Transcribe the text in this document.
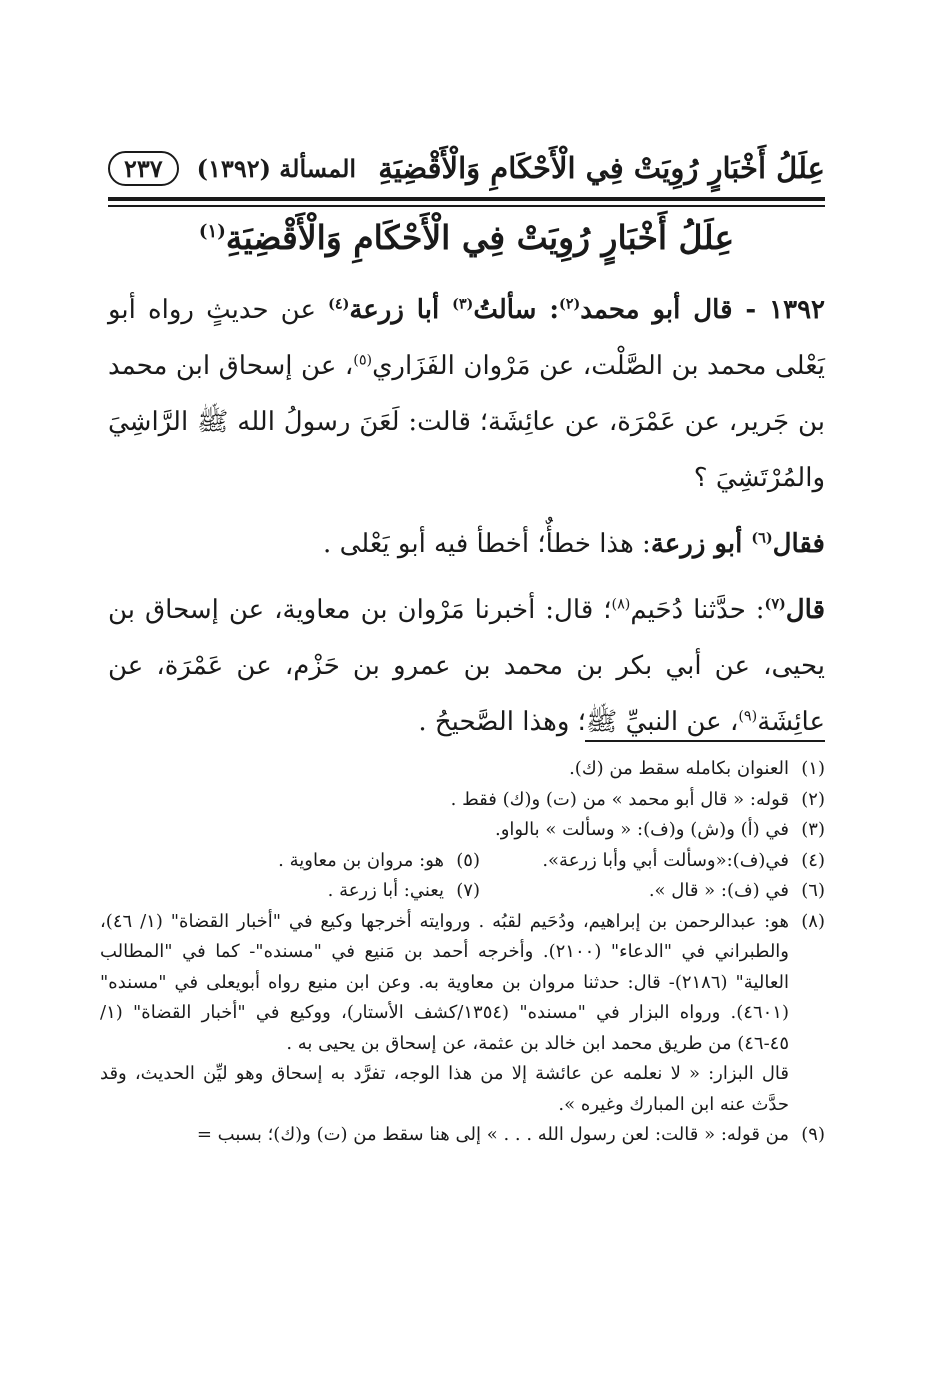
عِلَلُ أَخْبَارٍ رُوِيَتْ فِي الْأَحْكَامِ وَالْأَقْضِيَةِ
المسألة (١٣٩٢)
٢٣٧
عِلَلُ أَخْبَارٍ رُوِيَتْ فِي الْأَحْكَامِ وَالْأَقْضِيَةِ$^{(١)}$

١٣٩٢ - قال أبو محمد$^{(٢)}$: سألتُ$^{(٣)}$ أبا زرعة$^{(٤)}$ عن حديثٍ رواه أبو يَعْلى محمد بن الصَّلْت، عن مَرْوان الفَزَاري$^{(٥)}$، عن إسحاق ابن محمد بن جَرير، عن عَمْرَة، عن عائِشَة؛ قالت: لَعَنَ رسولُ الله ﷺ الرَّاشِيَ والمُرْتَشِيَ ؟

فقال$^{(٦)}$ أبو زرعة: هذا خطأٌ؛ أخطأ فيه أبو يَعْلى .

قال$^{(٧)}$: حدَّثنا دُحَيم$^{(٨)}$؛ قال: أخبرنا مَرْوان بن معاوية، عن إسحاق بن يحيى، عن أبي بكر بن محمد بن عمرو بن حَزْم، عن عَمْرَة، عن عائِشَة$^{(٩)}$، عن النبيِّ ﷺ؛ وهذا الصَّحيحُ .

(١)
العنوان بكامله سقط من (ك).
(٢)
قوله: « قال أبو محمد » من (ت) و(ك) فقط .
(٣)
في (أ) و(ش) و(ف): « وسألت » بالواو.
(٤)
في(ف):«وسألت أبي وأبا زرعة».
(٥)
هو: مروان بن معاوية .
(٦)
في (ف): « قال ».
(٧)
يعني: أبا زرعة .
(٨)
هو: عبدالرحمن بن إبراهيم، ودُحَيم لقبُه . وروايته أخرجها وكيع في "أخبار القضاة" (١/ ٤٦)، والطبراني في "الدعاء" (٢١٠٠). وأخرجه أحمد بن مَنيع في "مسنده"- كما في "المطالب العالية" (٢١٨٦)- قال: حدثنا مروان بن معاوية به. وعن ابن منيع رواه أبويعلى في "مسنده" (٤٦٠١). ورواه البزار في "مسنده" (١٣٥٤/كشف الأستار)، ووكيع في "أخبار القضاة" (١/ ٤٥-٤٦) من طريق محمد ابن خالد بن عثمة، عن إسحاق بن يحيى به .
قال البزار: « لا نعلمه عن عائشة إلا من هذا الوجه، تفرَّد به إسحاق وهو ليِّن الحديث، وقد حدَّث عنه ابن المبارك وغيره ».
(٩)
من قوله: « قالت: لعن رسول الله . . . » إلى هنا سقط من (ت) و(ك)؛ بسبب =
